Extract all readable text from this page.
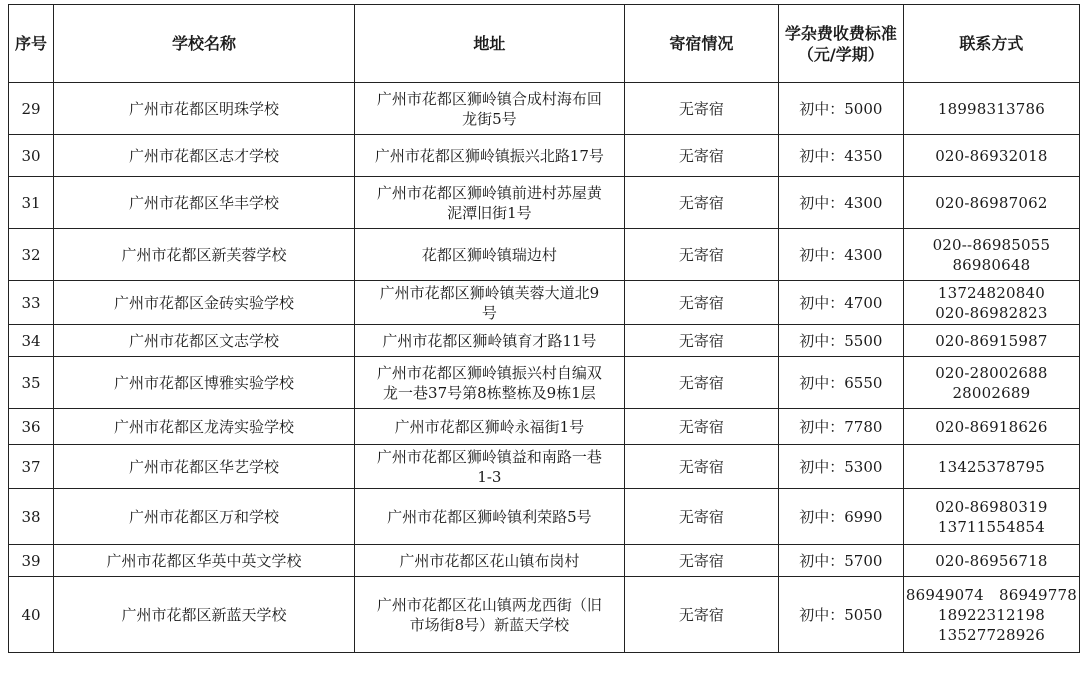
序号	学校名称	地址	寄宿情况	学杂费收费标准
（元/学期）	联系方式
29	广州市花都区明珠学校	广州市花都区狮岭镇合成村海布回
龙街5号	无寄宿	初中：5000	18998313786

30	广州市花都区志才学校	广州市花都区狮岭镇振兴北路17号	无寄宿	初中：4350	020-86932018

31	广州市花都区华丰学校	广州市花都区狮岭镇前进村苏屋黄
泥潭旧街1号	无寄宿	初中：4300	020-86987062

32	广州市花都区新芙蓉学校	花都区狮岭镇瑞边村	无寄宿	初中：4300	020--86985055
86980648

33	广州市花都区金砖实验学校	广州市花都区狮岭镇芙蓉大道北9
号	无寄宿	初中：4700	13724820840
020-86982823

34	广州市花都区文志学校	广州市花都区狮岭镇育才路11号	无寄宿	初中：5500	020-86915987

35	广州市花都区博雅实验学校	广州市花都区狮岭镇振兴村自编双
龙一巷37号第8栋整栋及9栋1层	无寄宿	初中：6550	020-28002688
28002689

36	广州市花都区龙涛实验学校	广州市花都区狮岭永福街1号	无寄宿	初中：7780	020-86918626

37	广州市花都区华艺学校	广州市花都区狮岭镇益和南路一巷
1-3	无寄宿	初中：5300	13425378795

38	广州市花都区万和学校	广州市花都区狮岭镇利荣路5号	无寄宿	初中：6990	020-86980319
13711554854

39	广州市花都区华英中英文学校	广州市花都区花山镇布岗村	无寄宿	初中：5700	020-86956718

40	广州市花都区新蓝天学校	广州市花都区花山镇两龙西街（旧
市场街8号）新蓝天学校	无寄宿	初中：5050	86949074　86949778
18922312198
13527728926
